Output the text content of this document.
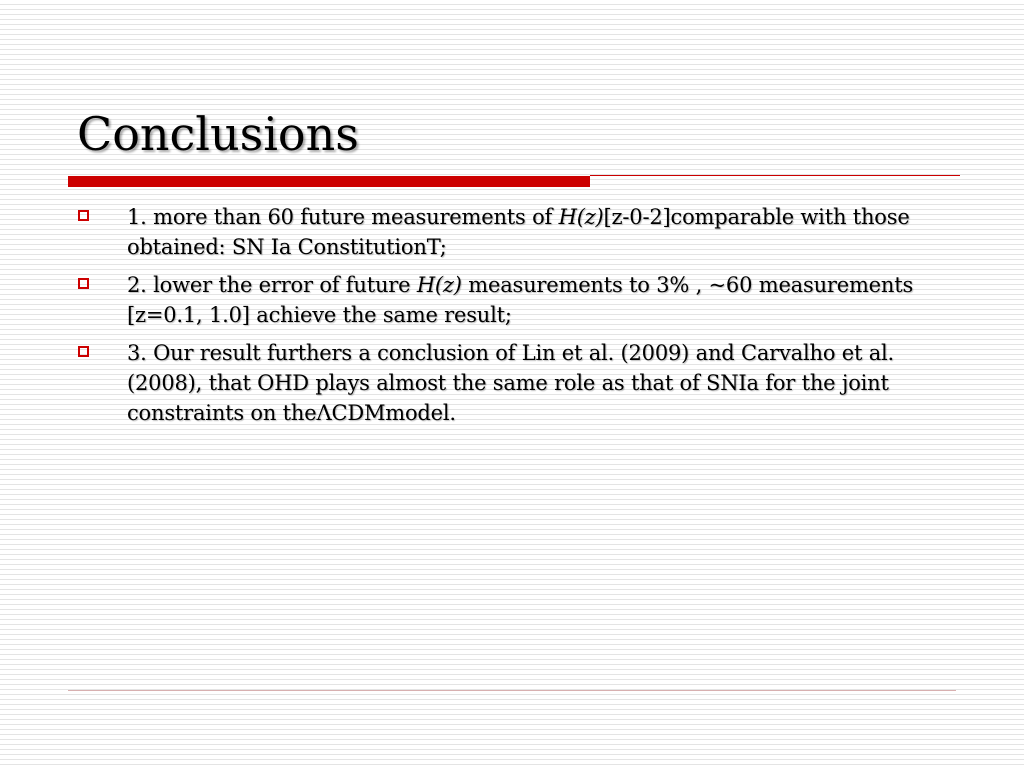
Conclusions
1. more than 60 future measurements of H(z)[z-0-2]comparable with those obtained: SN Ia ConstitutionT;
2. lower the error of future H(z) measurements to 3% , ~60 measurements [z=0.1, 1.0] achieve the same result;
3. Our result furthers a conclusion of Lin et al. (2009) and Carvalho et al. (2008), that OHD plays almost the same role as that of SNIa for the joint constraints on theΛCDMmodel.
